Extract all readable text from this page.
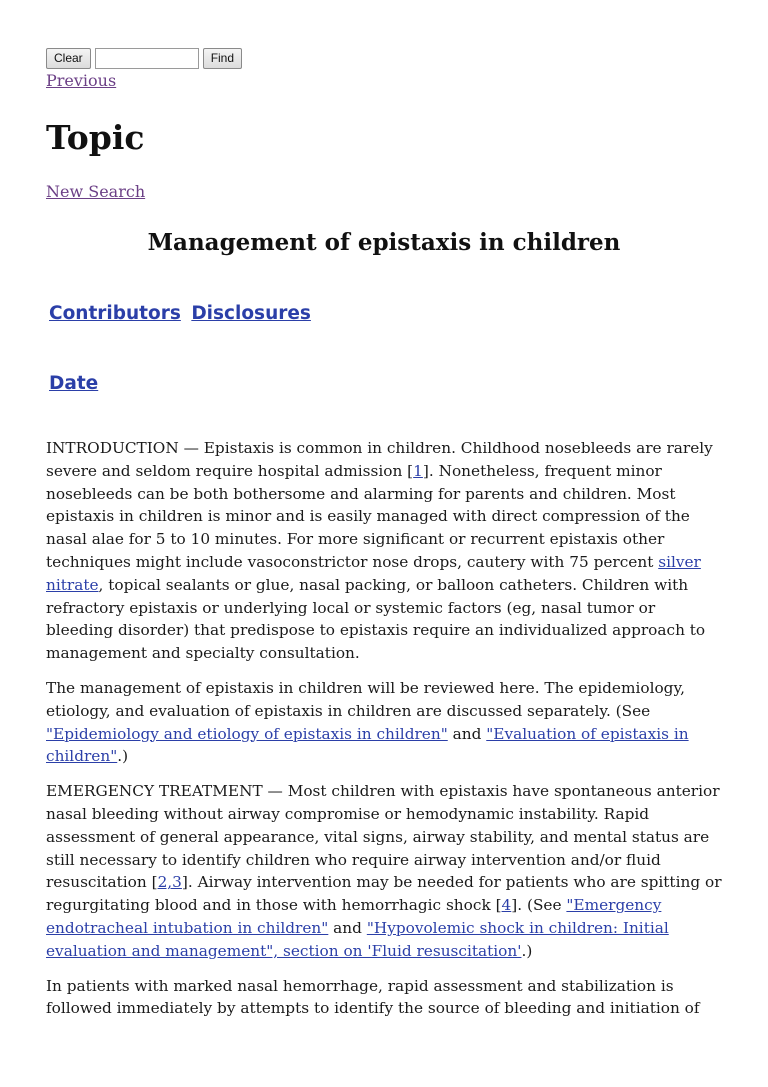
Clear	Find
Previous
Topic
New Search
Management of epistaxis in children
Contributors Disclosures
Date

INTRODUCTION — Epistaxis is common in children. Childhood nosebleeds are rarely severe and seldom require hospital admission [1]. Nonetheless, frequent minor nosebleeds can be both bothersome and alarming for parents and children. Most epistaxis in children is minor and is easily managed with direct compression of the nasal alae for 5 to 10 minutes. For more significant or recurrent epistaxis other techniques might include vasoconstrictor nose drops, cautery with 75 percent silver nitrate, topical sealants or glue, nasal packing, or balloon catheters. Children with refractory epistaxis or underlying local or systemic factors (eg, nasal tumor or bleeding disorder) that predispose to epistaxis require an individualized approach to management and specialty consultation.

The management of epistaxis in children will be reviewed here. The epidemiology, etiology, and evaluation of epistaxis in children are discussed separately. (See "Epidemiology and etiology of epistaxis in children" and "Evaluation of epistaxis in children".)

EMERGENCY TREATMENT — Most children with epistaxis have spontaneous anterior nasal bleeding without airway compromise or hemodynamic instability. Rapid assessment of general appearance, vital signs, airway stability, and mental status are still necessary to identify children who require airway intervention and/or fluid resuscitation [2,3]. Airway intervention may be needed for patients who are spitting or regurgitating blood and in those with hemorrhagic shock [4]. (See "Emergency endotracheal intubation in children" and "Hypovolemic shock in children: Initial evaluation and management", section on 'Fluid resuscitation'.)

In patients with marked nasal hemorrhage, rapid assessment and stabilization is followed immediately by attempts to identify the source of bleeding and initiation of
